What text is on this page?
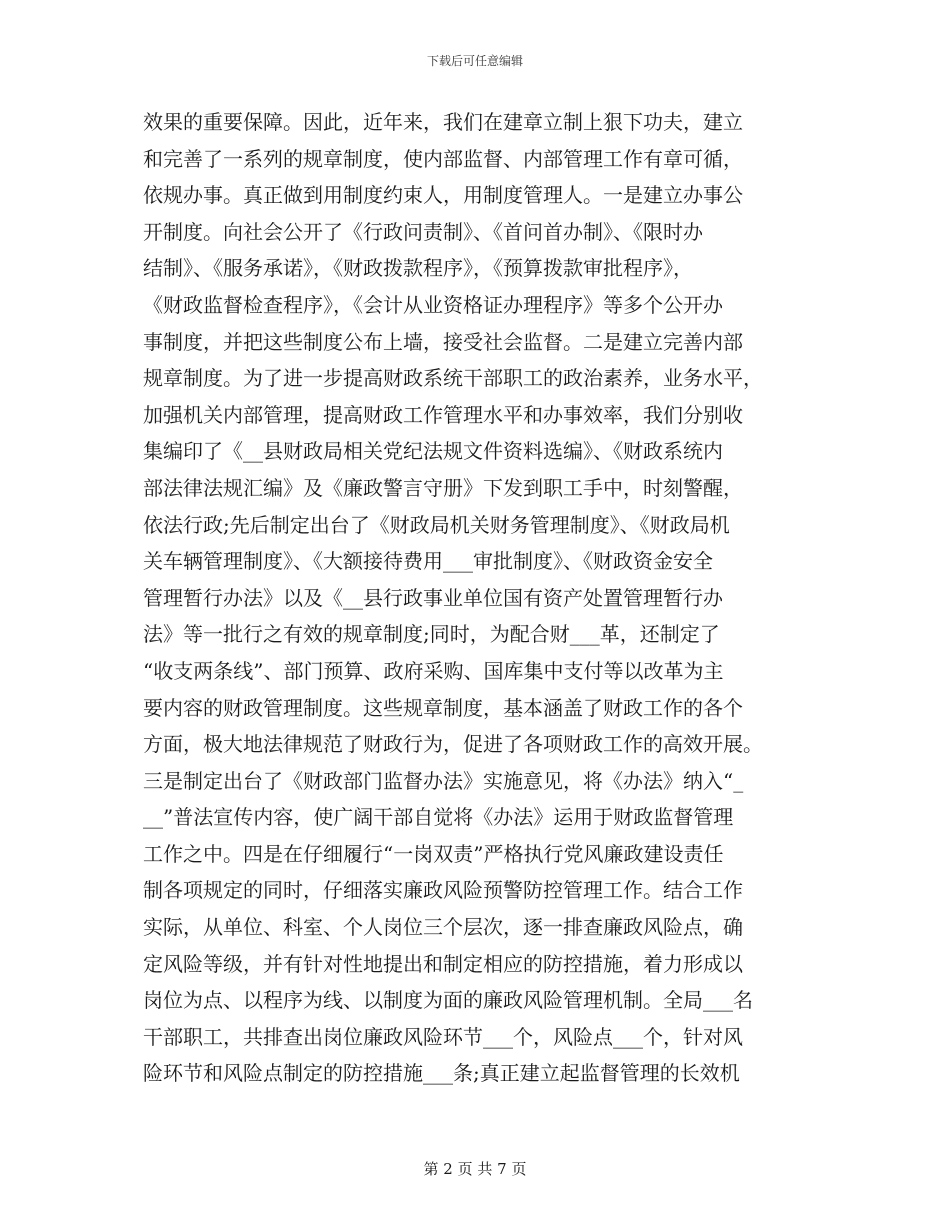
下载后可任意编辑
效果的重要保障。因此，近年来，我们在建章立制上狠下功夫，建立
和完善了一系列的规章制度，使内部监督、内部管理工作有章可循，
依规办事。真正做到用制度约束人，用制度管理人。一是建立办事公
开制度。向社会公开了《行政问责制》、《首问首办制》、《限时办
结制》、《服务承诺》，《财政拨款程序》，《预算拨款审批程序》，
《财政监督检查程序》，《会计从业资格证办理程序》等多个公开办
事制度，并把这些制度公布上墙，接受社会监督。二是建立完善内部
规章制度。为了进一步提高财政系统干部职工的政治素养，业务水平，
加强机关内部管理，提高财政工作管理水平和办事效率，我们分别收
集编印了《__县财政局相关党纪法规文件资料选编》、《财政系统内
部法律法规汇编》及《廉政警言守册》下发到职工手中，时刻警醒，
依法行政;先后制定出台了《财政局机关财务管理制度》、《财政局机
关车辆管理制度》、《大额接待费用___审批制度》、《财政资金安全
管理暂行办法》以及《__县行政事业单位国有资产处置管理暂行办
法》等一批行之有效的规章制度;同时，为配合财___革，还制定了
“收支两条线”、部门预算、政府采购、国库集中支付等以改革为主
要内容的财政管理制度。这些规章制度，基本涵盖了财政工作的各个
方面，极大地法律规范了财政行为，促进了各项财政工作的高效开展。
三是制定出台了《财政部门监督办法》实施意见，将《办法》纳入“_
__”普法宣传内容，使广阔干部自觉将《办法》运用于财政监督管理
工作之中。四是在仔细履行“一岗双责”严格执行党风廉政建设责任
制各项规定的同时，仔细落实廉政风险预警防控管理工作。结合工作
实际，从单位、科室、个人岗位三个层次，逐一排查廉政风险点，确
定风险等级，并有针对性地提出和制定相应的防控措施，着力形成以
岗位为点、以程序为线、以制度为面的廉政风险管理机制。全局___名
干部职工，共排查出岗位廉政风险环节___个，风险点___个，针对风
险环节和风险点制定的防控措施___条;真正建立起监督管理的长效机
第 2 页 共 7 页
